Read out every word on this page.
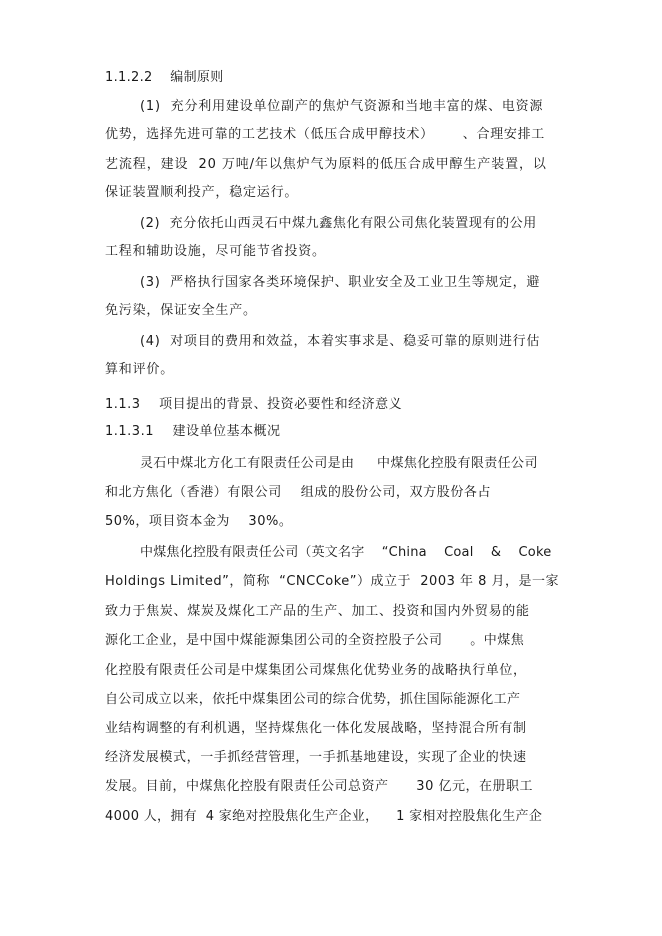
1.1.2.2    编制原则
(1)  充分利用建设单位副产的焦炉气资源和当地丰富的煤、电资源
优势，选择先进可靠的工艺技术（低压合成甲醇技术）      、合理安排工
艺流程，建设  20 万吨/年以焦炉气为原料的低压合成甲醇生产装置，以
保证装置顺利投产，稳定运行。
(2)  充分依托山西灵石中煤九鑫焦化有限公司焦化装置现有的公用
工程和辅助设施，尽可能节省投资。
(3)  严格执行国家各类环境保护、职业安全及工业卫生等规定，避
免污染，保证安全生产。
(4)  对项目的费用和效益，本着实事求是、稳妥可靠的原则进行估
算和评价。
1.1.3    项目提出的背景、投资必要性和经济意义
1.1.3.1    建设单位基本概况
灵石中煤北方化工有限责任公司是由     中煤焦化控股有限责任公司
和北方焦化（香港）有限公司    组成的股份公司，双方股份各占
50%，项目资本金为    30%。
中煤焦化控股有限责任公司（英文名字    “China    Coal    &    Coke
Holdings Limited”，简称  “CNCCoke”）成立于  2003 年 8 月，是一家
致力于焦炭、煤炭及煤化工产品的生产、加工、投资和国内外贸易的能
源化工企业，是中国中煤能源集团公司的全资控股子公司      。中煤焦
化控股有限责任公司是中煤集团公司煤焦化优势业务的战略执行单位，
自公司成立以来，依托中煤集团公司的综合优势，抓住国际能源化工产
业结构调整的有利机遇，坚持煤焦化一体化发展战略，坚持混合所有制
经济发展模式，一手抓经营管理，一手抓基地建设，实现了企业的快速
发展。目前，中煤焦化控股有限责任公司总资产      30 亿元，在册职工
4000 人，拥有  4 家绝对控股焦化生产企业，    1 家相对控股焦化生产企
